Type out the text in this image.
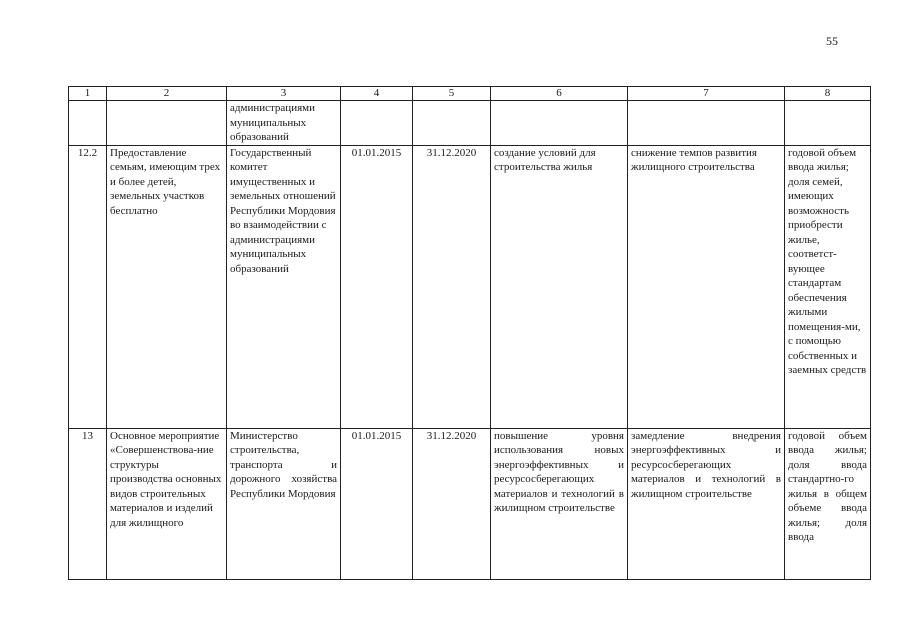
55
1	2	3	4	5	6	7	8
		администрациями муниципальных образований					
12.2	Предоставление семьям, имеющим трех и более детей, земельных участков бесплатно	Государственный комитет имущественных и земельных отношений Республики Мордовия во взаимодействии с администрациями муниципальных образований	01.01.2015	31.12.2020	создание условий для строительства жилья	снижение темпов развития жилищного строительства	годовой объем ввода жилья; доля семей, имеющих возможность приобрести жилье, соответст-вующее стандартам обеспечения жилыми помещения-ми, с помощью собственных и заемных средств
13	Основное мероприятие «Совершенствова-ние структуры производства основных видов строительных материалов и изделий для жилищного	Министерство строительства, транспорта и дорожного хозяйства Республики Мордовия	01.01.2015	31.12.2020	повышение уровня использования новых энергоэффективных и ресурсосберегающих материалов и технологий в жилищном строительстве	замедление внедрения энергоэффективных и ресурсосберегающих материалов и технологий в жилищном строительстве	годовой объем ввода жилья; доля ввода стандартно-го жилья в общем объеме ввода жилья; доля ввода
